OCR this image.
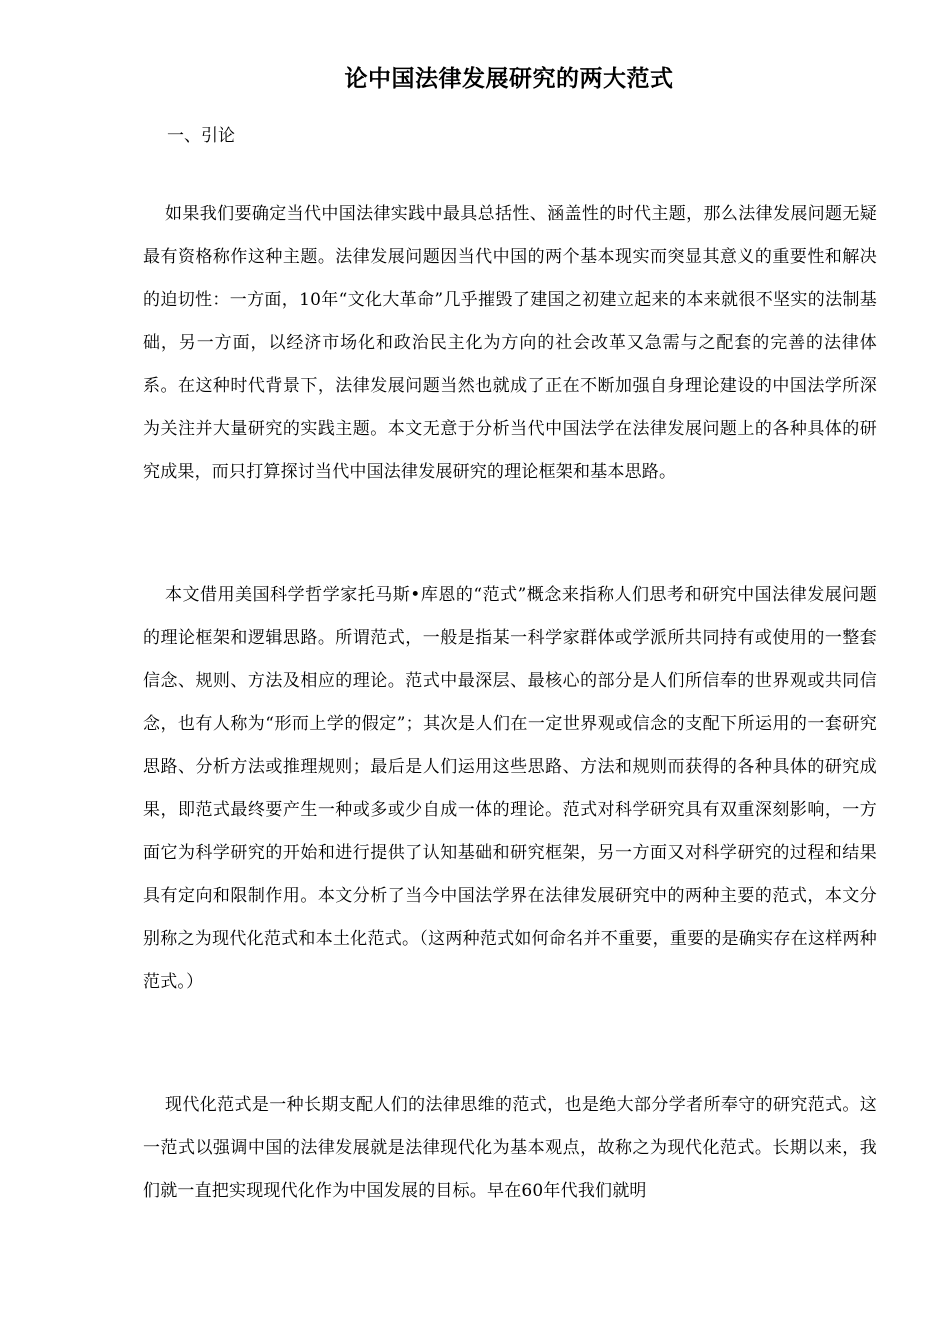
论中国法律发展研究的两大范式
一、引论

如果我们要确定当代中国法律实践中最具总括性、涵盖性的时代主题，那么法律发展问题无疑最有资格称作这种主题。法律发展问题因当代中国的两个基本现实而突显其意义的重要性和解决的迫切性：一方面，10年“文化大革命”几乎摧毁了建国之初建立起来的本来就很不坚实的法制基础，另一方面，以经济市场化和政治民主化为方向的社会改革又急需与之配套的完善的法律体系。在这种时代背景下，法律发展问题当然也就成了正在不断加强自身理论建设的中国法学所深为关注并大量研究的实践主题。本文无意于分析当代中国法学在法律发展问题上的各种具体的研究成果，而只打算探讨当代中国法律发展研究的理论框架和基本思路。

本文借用美国科学哲学家托马斯•库恩的“范式”概念来指称人们思考和研究中国法律发展问题的理论框架和逻辑思路。所谓范式，一般是指某一科学家群体或学派所共同持有或使用的一整套信念、规则、方法及相应的理论。范式中最深层、最核心的部分是人们所信奉的世界观或共同信念，也有人称为“形而上学的假定”；其次是人们在一定世界观或信念的支配下所运用的一套研究思路、分析方法或推理规则；最后是人们运用这些思路、方法和规则而获得的各种具体的研究成果，即范式最终要产生一种或多或少自成一体的理论。范式对科学研究具有双重深刻影响，一方面它为科学研究的开始和进行提供了认知基础和研究框架，另一方面又对科学研究的过程和结果具有定向和限制作用。本文分析了当今中国法学界在法律发展研究中的两种主要的范式，本文分别称之为现代化范式和本土化范式。（这两种范式如何命名并不重要，重要的是确实存在这样两种范式。）

现代化范式是一种长期支配人们的法律思维的范式，也是绝大部分学者所奉守的研究范式。这一范式以强调中国的法律发展就是法律现代化为基本观点，故称之为现代化范式。长期以来，我们就一直把实现现代化作为中国发展的目标。早在60年代我们就明
